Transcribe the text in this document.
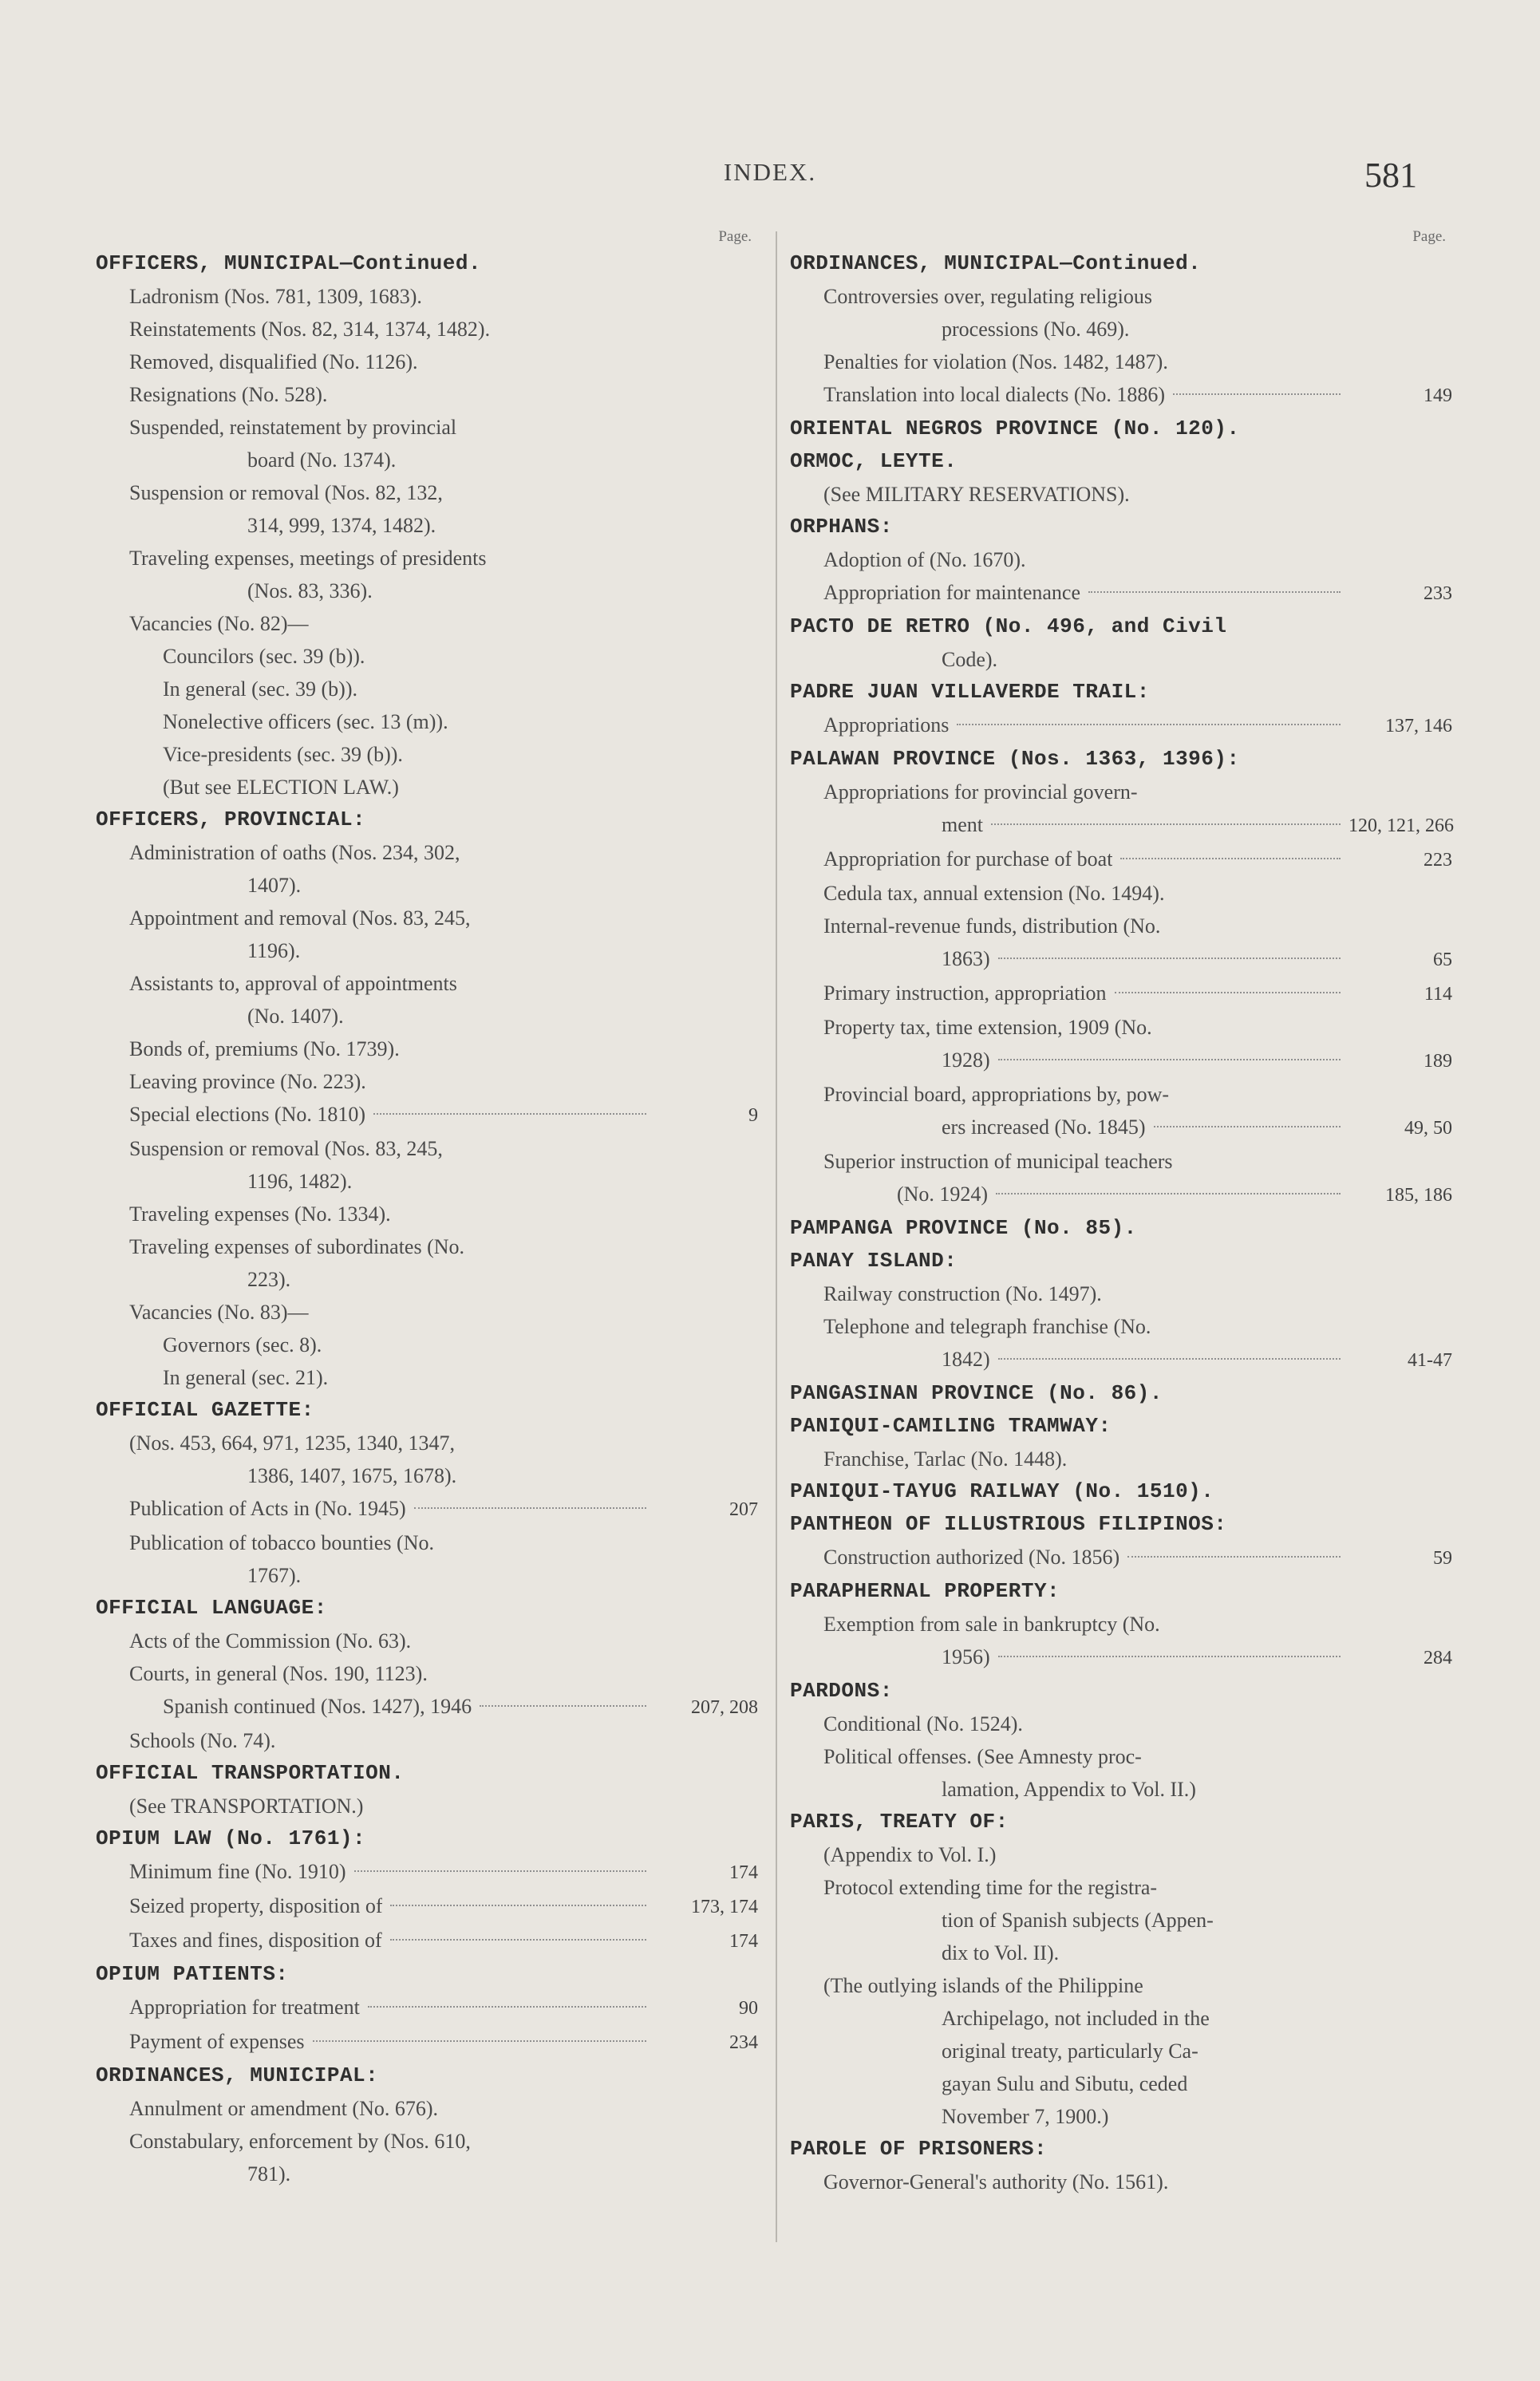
INDEX.	581
Page.
OFFICERS, MUNICIPAL—Continued.
Ladronism (Nos. 781, 1309, 1683).
Reinstatements (Nos. 82, 314, 1374, 1482).
Removed, disqualified (No. 1126).
Resignations (No. 528).
Suspended, reinstatement by provincial
board (No. 1374).
Suspension or removal (Nos. 82, 132,
314, 999, 1374, 1482).
Traveling expenses, meetings of presidents
(Nos. 83, 336).
Vacancies (No. 82)—
Councilors (sec. 39 (b)).
In general (sec. 39 (b)).
Nonelective officers (sec. 13 (m)).
Vice-presidents (sec. 39 (b)).
(But see ELECTION LAW.)
OFFICERS, PROVINCIAL:
Administration of oaths (Nos. 234, 302,
1407).
Appointment and removal (Nos. 83, 245,
1196).
Assistants to, approval of appointments
(No. 1407).
Bonds of, premiums (No. 1739).
Leaving province (No. 223).
Special elections (No. 1810)	9
Suspension or removal (Nos. 83, 245,
1196, 1482).
Traveling expenses (No. 1334).
Traveling expenses of subordinates (No.
223).
Vacancies (No. 83)—
Governors (sec. 8).
In general (sec. 21).
OFFICIAL GAZETTE:
(Nos. 453, 664, 971, 1235, 1340, 1347,
1386, 1407, 1675, 1678).
Publication of Acts in (No. 1945)	207
Publication of tobacco bounties (No.
1767).
OFFICIAL LANGUAGE:
Acts of the Commission (No. 63).
Courts, in general (Nos. 190, 1123).
Spanish continued (Nos. 1427), 1946	207, 208
Schools (No. 74).
OFFICIAL TRANSPORTATION.
(See TRANSPORTATION.)
OPIUM LAW (No. 1761):
Minimum fine (No. 1910)	174
Seized property, disposition of	173, 174
Taxes and fines, disposition of	174
OPIUM PATIENTS:
Appropriation for treatment	90
Payment of expenses	234
ORDINANCES, MUNICIPAL:
Annulment or amendment (No. 676).
Constabulary, enforcement by (Nos. 610,
781).
Page.
ORDINANCES, MUNICIPAL—Continued.
Controversies over, regulating religious
processions (No. 469).
Penalties for violation (Nos. 1482, 1487).
Translation into local dialects (No. 1886)	149
ORIENTAL NEGROS PROVINCE (No. 120).
ORMOC, LEYTE.
(See MILITARY RESERVATIONS).
ORPHANS:
Adoption of (No. 1670).
Appropriation for maintenance	233
PACTO DE RETRO (No. 496, and Civil
Code).
PADRE JUAN VILLAVERDE TRAIL:
Appropriations	137, 146
PALAWAN PROVINCE (Nos. 1363, 1396):
Appropriations for provincial govern-
ment	120, 121, 266
Appropriation for purchase of boat	223
Cedula tax, annual extension (No. 1494).
Internal-revenue funds, distribution (No.
1863)	65
Primary instruction, appropriation	114
Property tax, time extension, 1909 (No.
1928)	189
Provincial board, appropriations by, pow-
ers increased (No. 1845)	49, 50
Superior instruction of municipal teachers
(No. 1924)	185, 186
PAMPANGA PROVINCE (No. 85).
PANAY ISLAND:
Railway construction (No. 1497).
Telephone and telegraph franchise (No.
1842)	41-47
PANGASINAN PROVINCE (No. 86).
PANIQUI-CAMILING TRAMWAY:
Franchise, Tarlac (No. 1448).
PANIQUI-TAYUG RAILWAY (No. 1510).
PANTHEON OF ILLUSTRIOUS FILIPINOS:
Construction authorized (No. 1856)	59
PARAPHERNAL PROPERTY:
Exemption from sale in bankruptcy (No.
1956)	284
PARDONS:
Conditional (No. 1524).
Political offenses. (See Amnesty proc-
lamation, Appendix to Vol. II.)
PARIS, TREATY OF:
(Appendix to Vol. I.)
Protocol extending time for the registra-
tion of Spanish subjects (Appen-
dix to Vol. II).
(The outlying islands of the Philippine
Archipelago, not included in the
original treaty, particularly Ca-
gayan Sulu and Sibutu, ceded
November 7, 1900.)
PAROLE OF PRISONERS:
Governor-General's authority (No. 1561).
